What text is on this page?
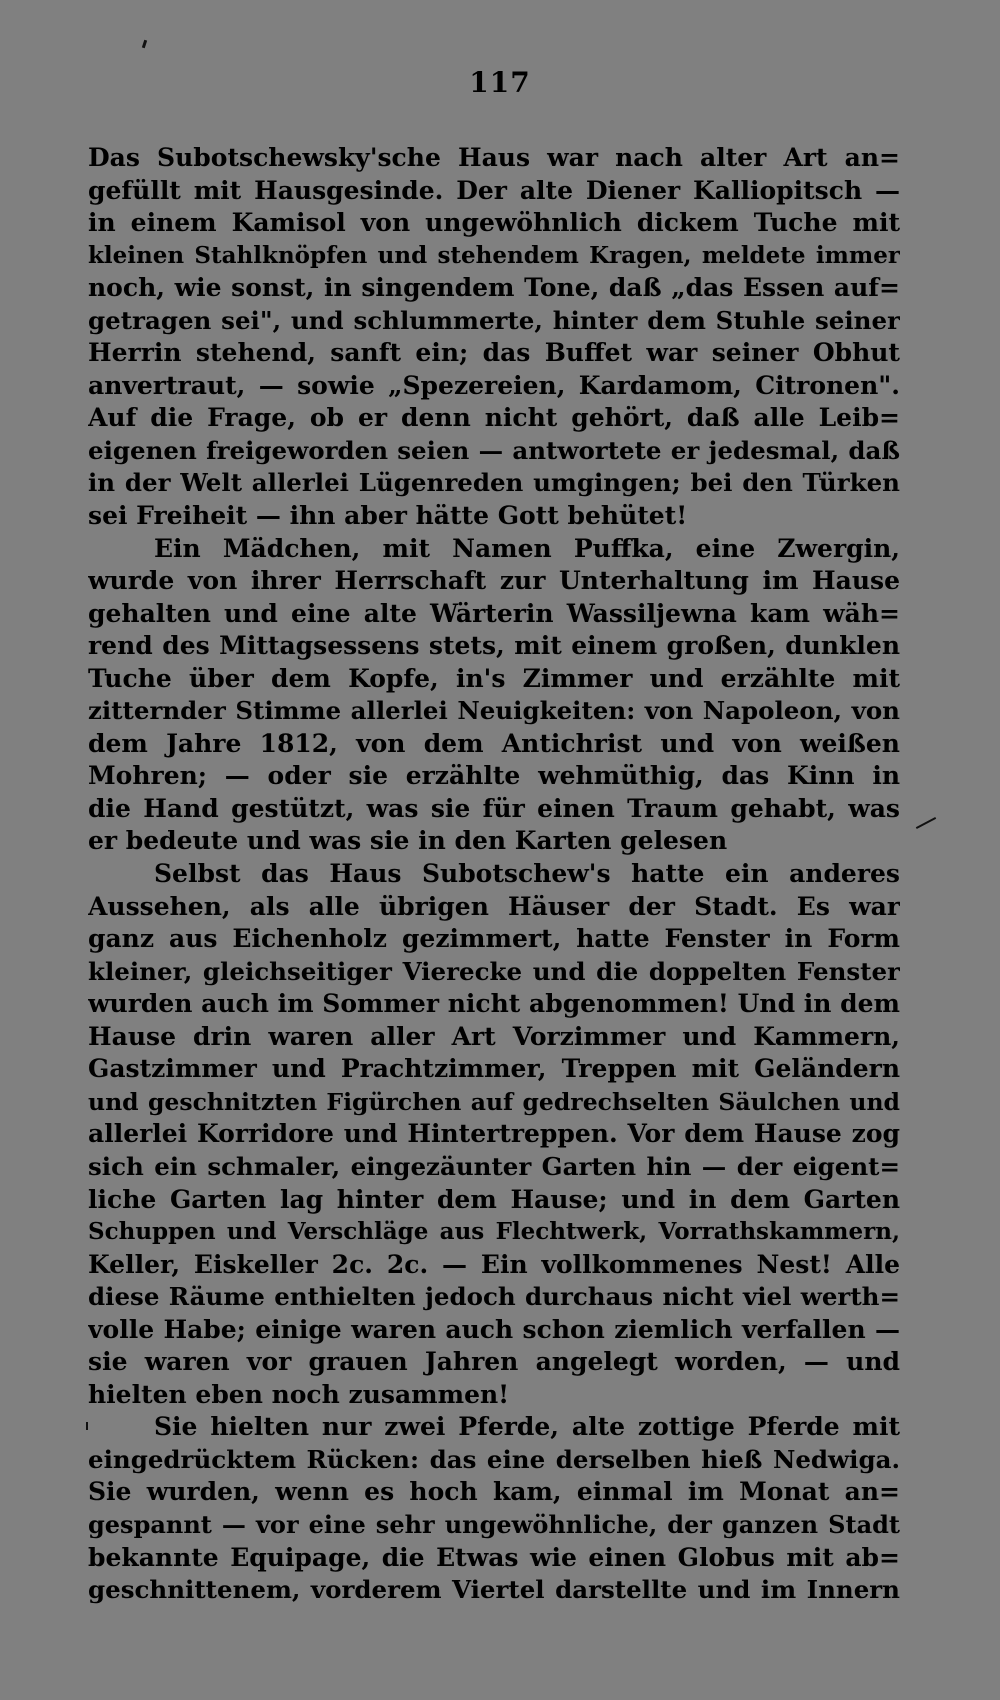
117
Das Subotschewsky'sche Haus war nach alter Art an=
gefüllt mit Hausgesinde. Der alte Diener Kalliopitsch —
in einem Kamisol von ungewöhnlich dickem Tuche mit
kleinen Stahlknöpfen und stehendem Kragen, meldete immer
noch, wie sonst, in singendem Tone, daß „das Essen auf=
getragen sei", und schlummerte, hinter dem Stuhle seiner
Herrin stehend, sanft ein; das Buffet war seiner Obhut
anvertraut, — sowie „Spezereien, Kardamom, Citronen".
Auf die Frage, ob er denn nicht gehört, daß alle Leib=
eigenen freigeworden seien — antwortete er jedesmal, daß
in der Welt allerlei Lügenreden umgingen; bei den Türken
sei Freiheit — ihn aber hätte Gott behütet!
Ein Mädchen, mit Namen Puffka, eine Zwergin,
wurde von ihrer Herrschaft zur Unterhaltung im Hause
gehalten und eine alte Wärterin Wassiljewna kam wäh=
rend des Mittagsessens stets, mit einem großen, dunklen
Tuche über dem Kopfe, in's Zimmer und erzählte mit
zitternder Stimme allerlei Neuigkeiten: von Napoleon, von
dem Jahre 1812, von dem Antichrist und von weißen
Mohren; — oder sie erzählte wehmüthig, das Kinn in
die Hand gestützt, was sie für einen Traum gehabt, was
er bedeute und was sie in den Karten gelesen
Selbst das Haus Subotschew's hatte ein anderes
Aussehen, als alle übrigen Häuser der Stadt. Es war
ganz aus Eichenholz gezimmert, hatte Fenster in Form
kleiner, gleichseitiger Vierecke und die doppelten Fenster
wurden auch im Sommer nicht abgenommen! Und in dem
Hause drin waren aller Art Vorzimmer und Kammern,
Gastzimmer und Prachtzimmer, Treppen mit Geländern
und geschnitzten Figürchen auf gedrechselten Säulchen und
allerlei Korridore und Hintertreppen. Vor dem Hause zog
sich ein schmaler, eingezäunter Garten hin — der eigent=
liche Garten lag hinter dem Hause; und in dem Garten
Schuppen und Verschläge aus Flechtwerk, Vorrathskammern,
Keller, Eiskeller 2c. 2c. — Ein vollkommenes Nest! Alle
diese Räume enthielten jedoch durchaus nicht viel werth=
volle Habe; einige waren auch schon ziemlich verfallen —
sie waren vor grauen Jahren angelegt worden, — und
hielten eben noch zusammen!
Sie hielten nur zwei Pferde, alte zottige Pferde mit
eingedrücktem Rücken: das eine derselben hieß Nedwiga.
Sie wurden, wenn es hoch kam, einmal im Monat an=
gespannt — vor eine sehr ungewöhnliche, der ganzen Stadt
bekannte Equipage, die Etwas wie einen Globus mit ab=
geschnittenem, vorderem Viertel darstellte und im Innern
